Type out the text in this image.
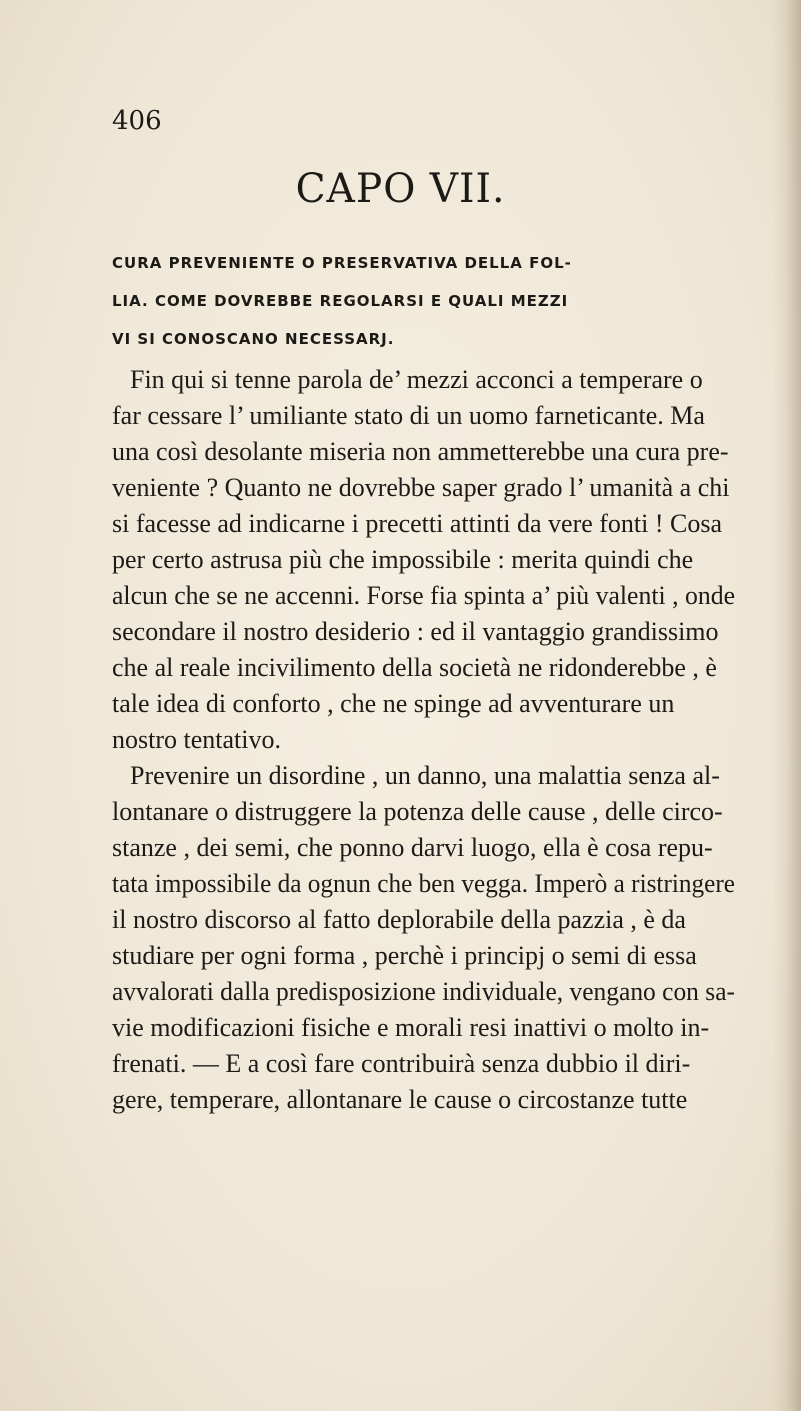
406
CAPO VII.
CURA PREVENIENTE O PRESERVATIVA DELLA FOL-
LIA. COME DOVREBBE REGOLARSI E QUALI MEZZI
VI SI CONOSCANO NECESSARJ.
Fin qui si tenne parola de’ mezzi acconci a temperare o
far cessare l’ umiliante stato di un uomo farneticante. Ma
una così desolante miseria non ammetterebbe una cura pre-
veniente ? Quanto ne dovrebbe saper grado l’ umanità a chi
si facesse ad indicarne i precetti attinti da vere fonti ! Cosa
per certo astrusa più che impossibile : merita quindi che
alcun che se ne accenni. Forse fia spinta a’ più valenti , onde
secondare il nostro desiderio : ed il vantaggio grandissimo
che al reale incivilimento della società ne ridonderebbe , è
tale idea di conforto , che ne spinge ad avventurare un
nostro tentativo.
Prevenire un disordine , un danno, una malattia senza al-
lontanare o distruggere la potenza delle cause , delle circo-
stanze , dei semi, che ponno darvi luogo, ella è cosa repu-
tata impossibile da ognun che ben vegga. Imperò a ristringere
il nostro discorso al fatto deplorabile della pazzia , è da
studiare per ogni forma , perchè i principj o semi di essa
avvalorati dalla predisposizione individuale, vengano con sa-
vie modificazioni fisiche e morali resi inattivi o molto in-
frenati. — E a così fare contribuirà senza dubbio il diri-
gere, temperare, allontanare le cause o circostanze tutte
